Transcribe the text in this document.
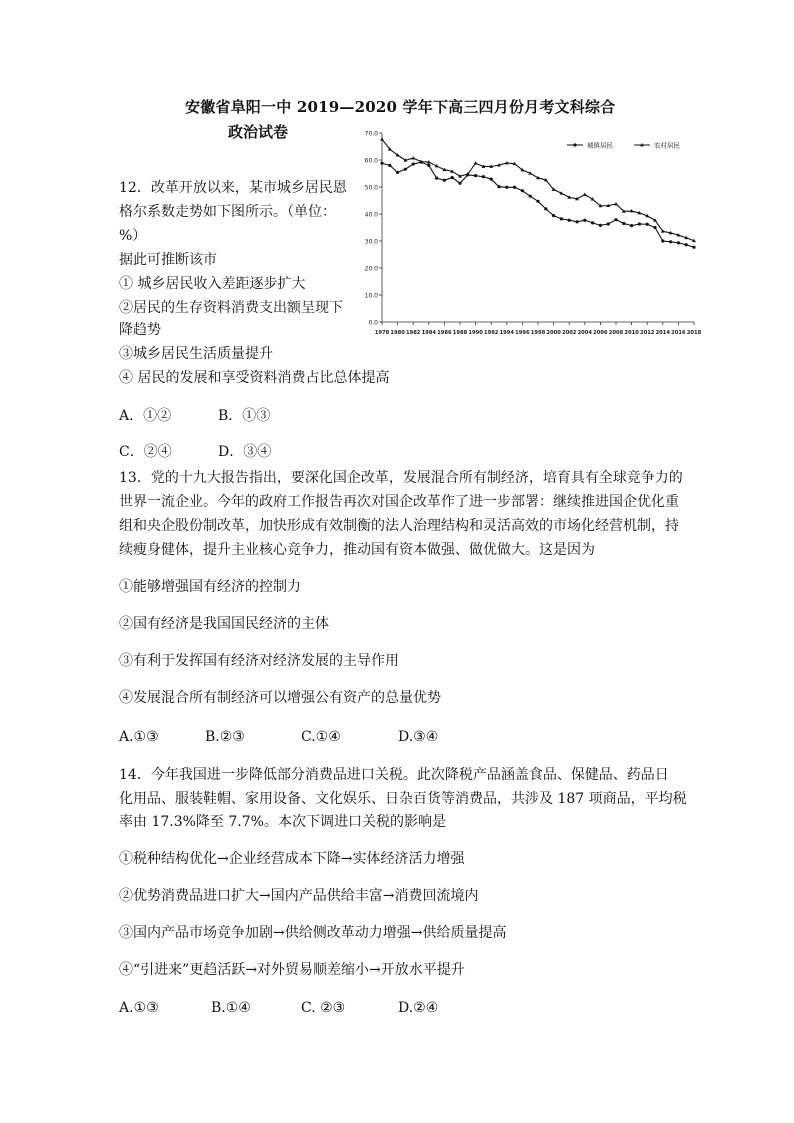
安徽省阜阳一中 2019—2020 学年下高三四月份月考文科综合
政治试卷
0.0
10.0
20.0
30.0
40.0
50.0
60.0
70.0
1978 1980 1982 1984 1986 1988 1990 1992 1994 1996 1998 2000 2002 2004 2006 2008 2010 2012 2014 2016 2018
城镇居民	农村居民
12．改革开放以来，某市城乡居民恩
格尔系数走势如下图所示。（单位：
%）
据此可推断该市
① 城乡居民收入差距逐步扩大
②居民的生存资料消费支出额呈现下
降趋势
③城乡居民生活质量提升
④ 居民的发展和享受资料消费占比总体提高
A．①②	B．①③
C．②④	D．③④
13．党的十九大报告指出，要深化国企改革，发展混合所有制经济，培育具有全球竞争力的
世界一流企业。今年的政府工作报告再次对国企改革作了进一步部署：继续推进国企优化重
组和央企股份制改革，加快形成有效制衡的法人治理结构和灵活高效的市场化经营机制，持
续瘦身健体，提升主业核心竞争力，推动国有资本做强、做优做大。这是因为
①能够增强国有经济的控制力
②国有经济是我国国民经济的主体
③有利于发挥国有经济对经济发展的主导作用
④发展混合所有制经济可以增强公有资产的总量优势
A.①③	B.②③	C.①④	D.③④
14．今年我国进一步降低部分消费品进口关税。此次降税产品涵盖食品、保健品、药品日
化用品、服装鞋帽、家用设备、文化娱乐、日杂百货等消费品，共涉及 187 项商品，平均税
率由 17.3%降至 7.7%。本次下调进口关税的影响是
①税种结构优化→企业经营成本下降→实体经济活力增强
②优势消费品进口扩大→国内产品供给丰富→消费回流境内
③国内产品市场竞争加剧→供给侧改革动力增强→供给质量提高
④“引进来”更趋活跃→对外贸易顺差缩小→开放水平提升
A.①③	B.①④	C. ②③	D.②④
